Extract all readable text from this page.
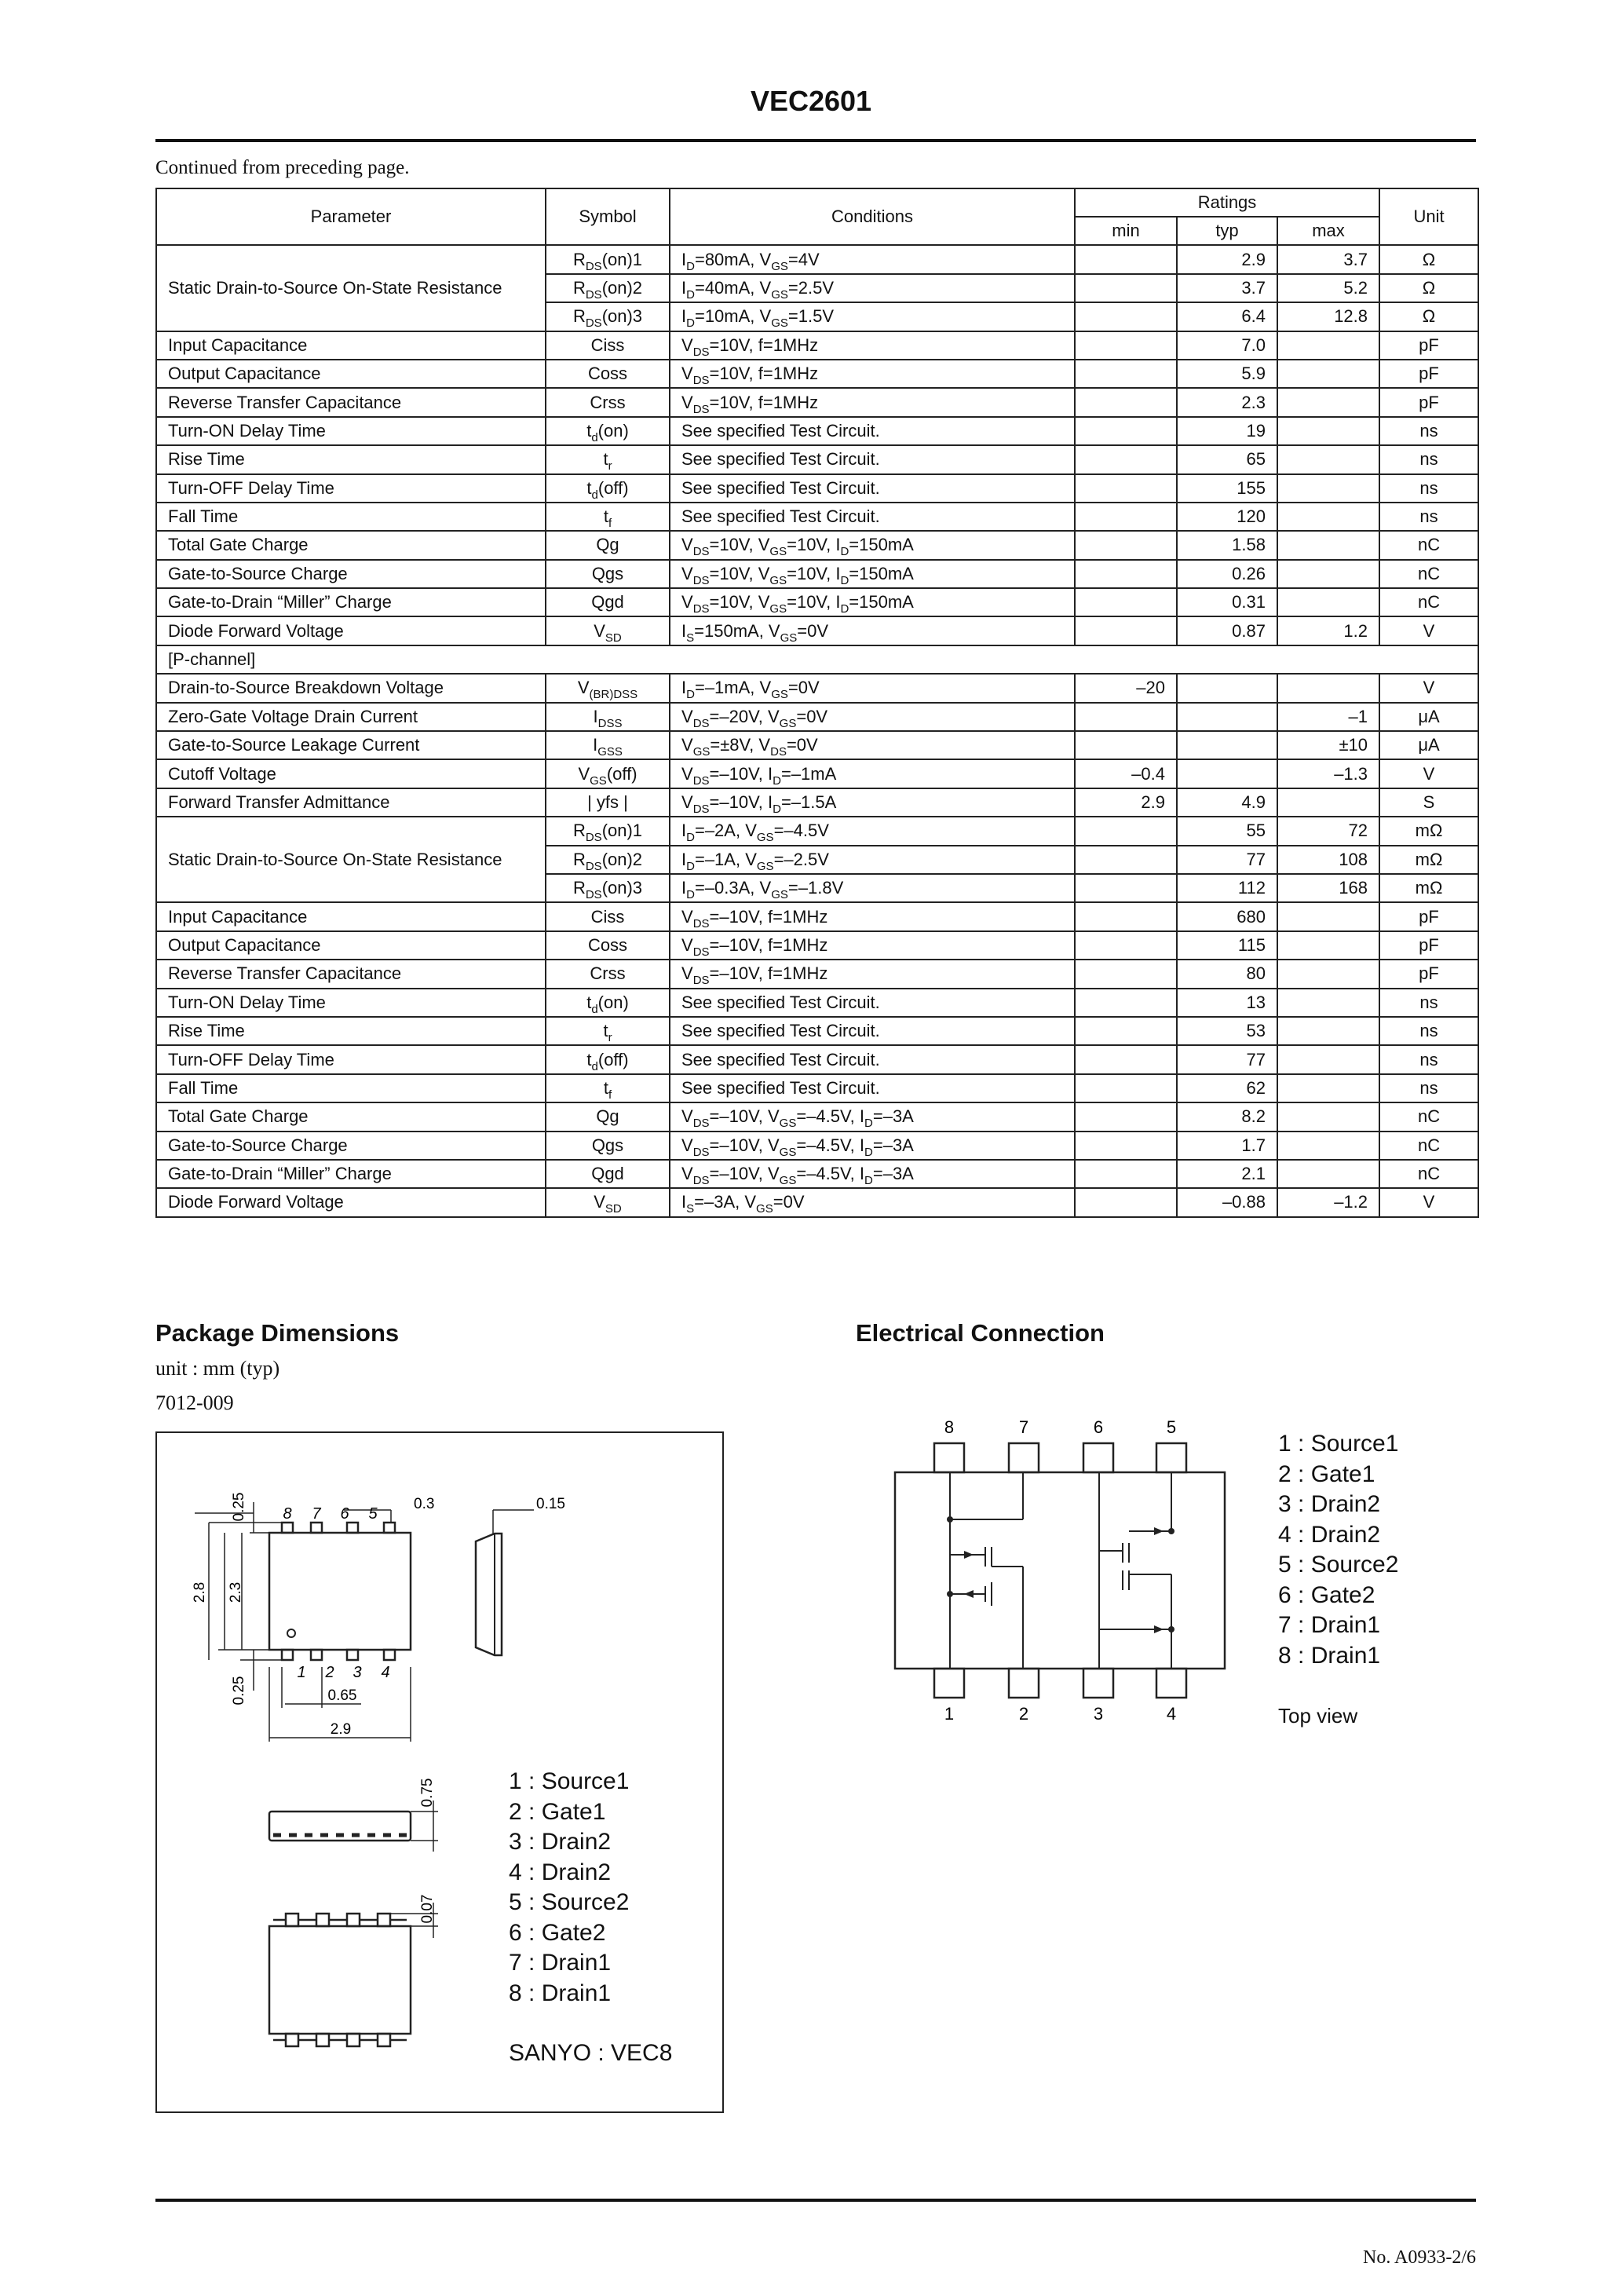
VEC2601
Continued from preceding page.
Parameter	Symbol	Conditions	Ratings			Unit
			min	typ	max	
Static Drain-to-Source On-State Resistance	$R_{DS}(on)1$	$I_D=80mA$, $V_{GS}=4V$		2.9	3.7	Ω
	$R_{DS}(on)2$	$I_D=40mA$, $V_{GS}=2.5V$		3.7	5.2	Ω
	$R_{DS}(on)3$	$I_D=10mA$, $V_{GS}=1.5V$		6.4	12.8	Ω
Input Capacitance	Ciss	$V_{DS}=10V$, f=1MHz		7.0		pF
Output Capacitance	Coss	$V_{DS}=10V$, f=1MHz		5.9		pF
Reverse Transfer Capacitance	Crss	$V_{DS}=10V$, f=1MHz		2.3		pF
Turn-ON Delay Time	$t_d(on)$	See specified Test Circuit.		19		ns
Rise Time	$t_r$	See specified Test Circuit.		65		ns
Turn-OFF Delay Time	$t_d(off)$	See specified Test Circuit.		155		ns
Fall Time	$t_f$	See specified Test Circuit.		120		ns
Total Gate Charge	Qg	$V_{DS}=10V$, $V_{GS}=10V$, $I_D=150mA$		1.58		nC
Gate-to-Source Charge	Qgs	$V_{DS}=10V$, $V_{GS}=10V$, $I_D=150mA$		0.26		nC
Gate-to-Drain “Miller” Charge	Qgd	$V_{DS}=10V$, $V_{GS}=10V$, $I_D=150mA$		0.31		nC
Diode Forward Voltage	$V_{SD}$	$I_S=150mA$, $V_{GS}=0V$		0.87	1.2	V
[P-channel]						
Drain-to-Source Breakdown Voltage	$V_{(BR)DSS}$	$I_D=-1mA$, $V_{GS}=0V$	–20			V
Zero-Gate Voltage Drain Current	$I_{DSS}$	$V_{DS}=-20V$, $V_{GS}=0V$			–1	μA
Gate-to-Source Leakage Current	$I_{GSS}$	$V_{GS}=\pm 8V$, $V_{DS}=0V$			±10	μA
Cutoff Voltage	$V_{GS}(off)$	$V_{DS}=-10V$, $I_D=-1mA$	–0.4		–1.3	V
Forward Transfer Admittance	| yfs |	$V_{DS}=-10V$, $I_D=-1.5A$	2.9	4.9		S
Static Drain-to-Source On-State Resistance	$R_{DS}(on)1$	$I_D=-2A$, $V_{GS}=-4.5V$		55	72	mΩ
	$R_{DS}(on)2$	$I_D=-1A$, $V_{GS}=-2.5V$		77	108	mΩ
	$R_{DS}(on)3$	$I_D=-0.3A$, $V_{GS}=-1.8V$		112	168	mΩ
Input Capacitance	Ciss	$V_{DS}=-10V$, f=1MHz		680		pF
Output Capacitance	Coss	$V_{DS}=-10V$, f=1MHz		115		pF
Reverse Transfer Capacitance	Crss	$V_{DS}=-10V$, f=1MHz		80		pF
Turn-ON Delay Time	$t_d(on)$	See specified Test Circuit.		13		ns
Rise Time	$t_r$	See specified Test Circuit.		53		ns
Turn-OFF Delay Time	$t_d(off)$	See specified Test Circuit.		77		ns
Fall Time	$t_f$	See specified Test Circuit.		62		ns
Total Gate Charge	Qg	$V_{DS}=-10V$, $V_{GS}=-4.5V$, $I_D=-3A$		8.2		nC
Gate-to-Source Charge	Qgs	$V_{DS}=-10V$, $V_{GS}=-4.5V$, $I_D=-3A$		1.7		nC
Gate-to-Drain “Miller” Charge	Qgd	$V_{DS}=-10V$, $V_{GS}=-4.5V$, $I_D=-3A$		2.1		nC
Diode Forward Voltage	$V_{SD}$	$I_S=-3A$, $V_{GS}=0V$		–0.88	–1.2	V
Package Dimensions
unit : mm (typ)
7012-009
0.25	0.3	0.15
2.8 2.3
0.25	0.65
2.9
8 7 6 5
1 2 3 4
0.75
0.07
1 : Source1
2 : Gate1
3 : Drain2
4 : Drain2
5 : Source2
6 : Gate2
7 : Drain1
8 : Drain1
SANYO : VEC8
Electrical Connection
8	7	6	5
1	2	3	4
1 : Source1
2 : Gate1
3 : Drain2
4 : Drain2
5 : Source2
6 : Gate2
7 : Drain1
8 : Drain1
Top view
No. A0933-2/6
